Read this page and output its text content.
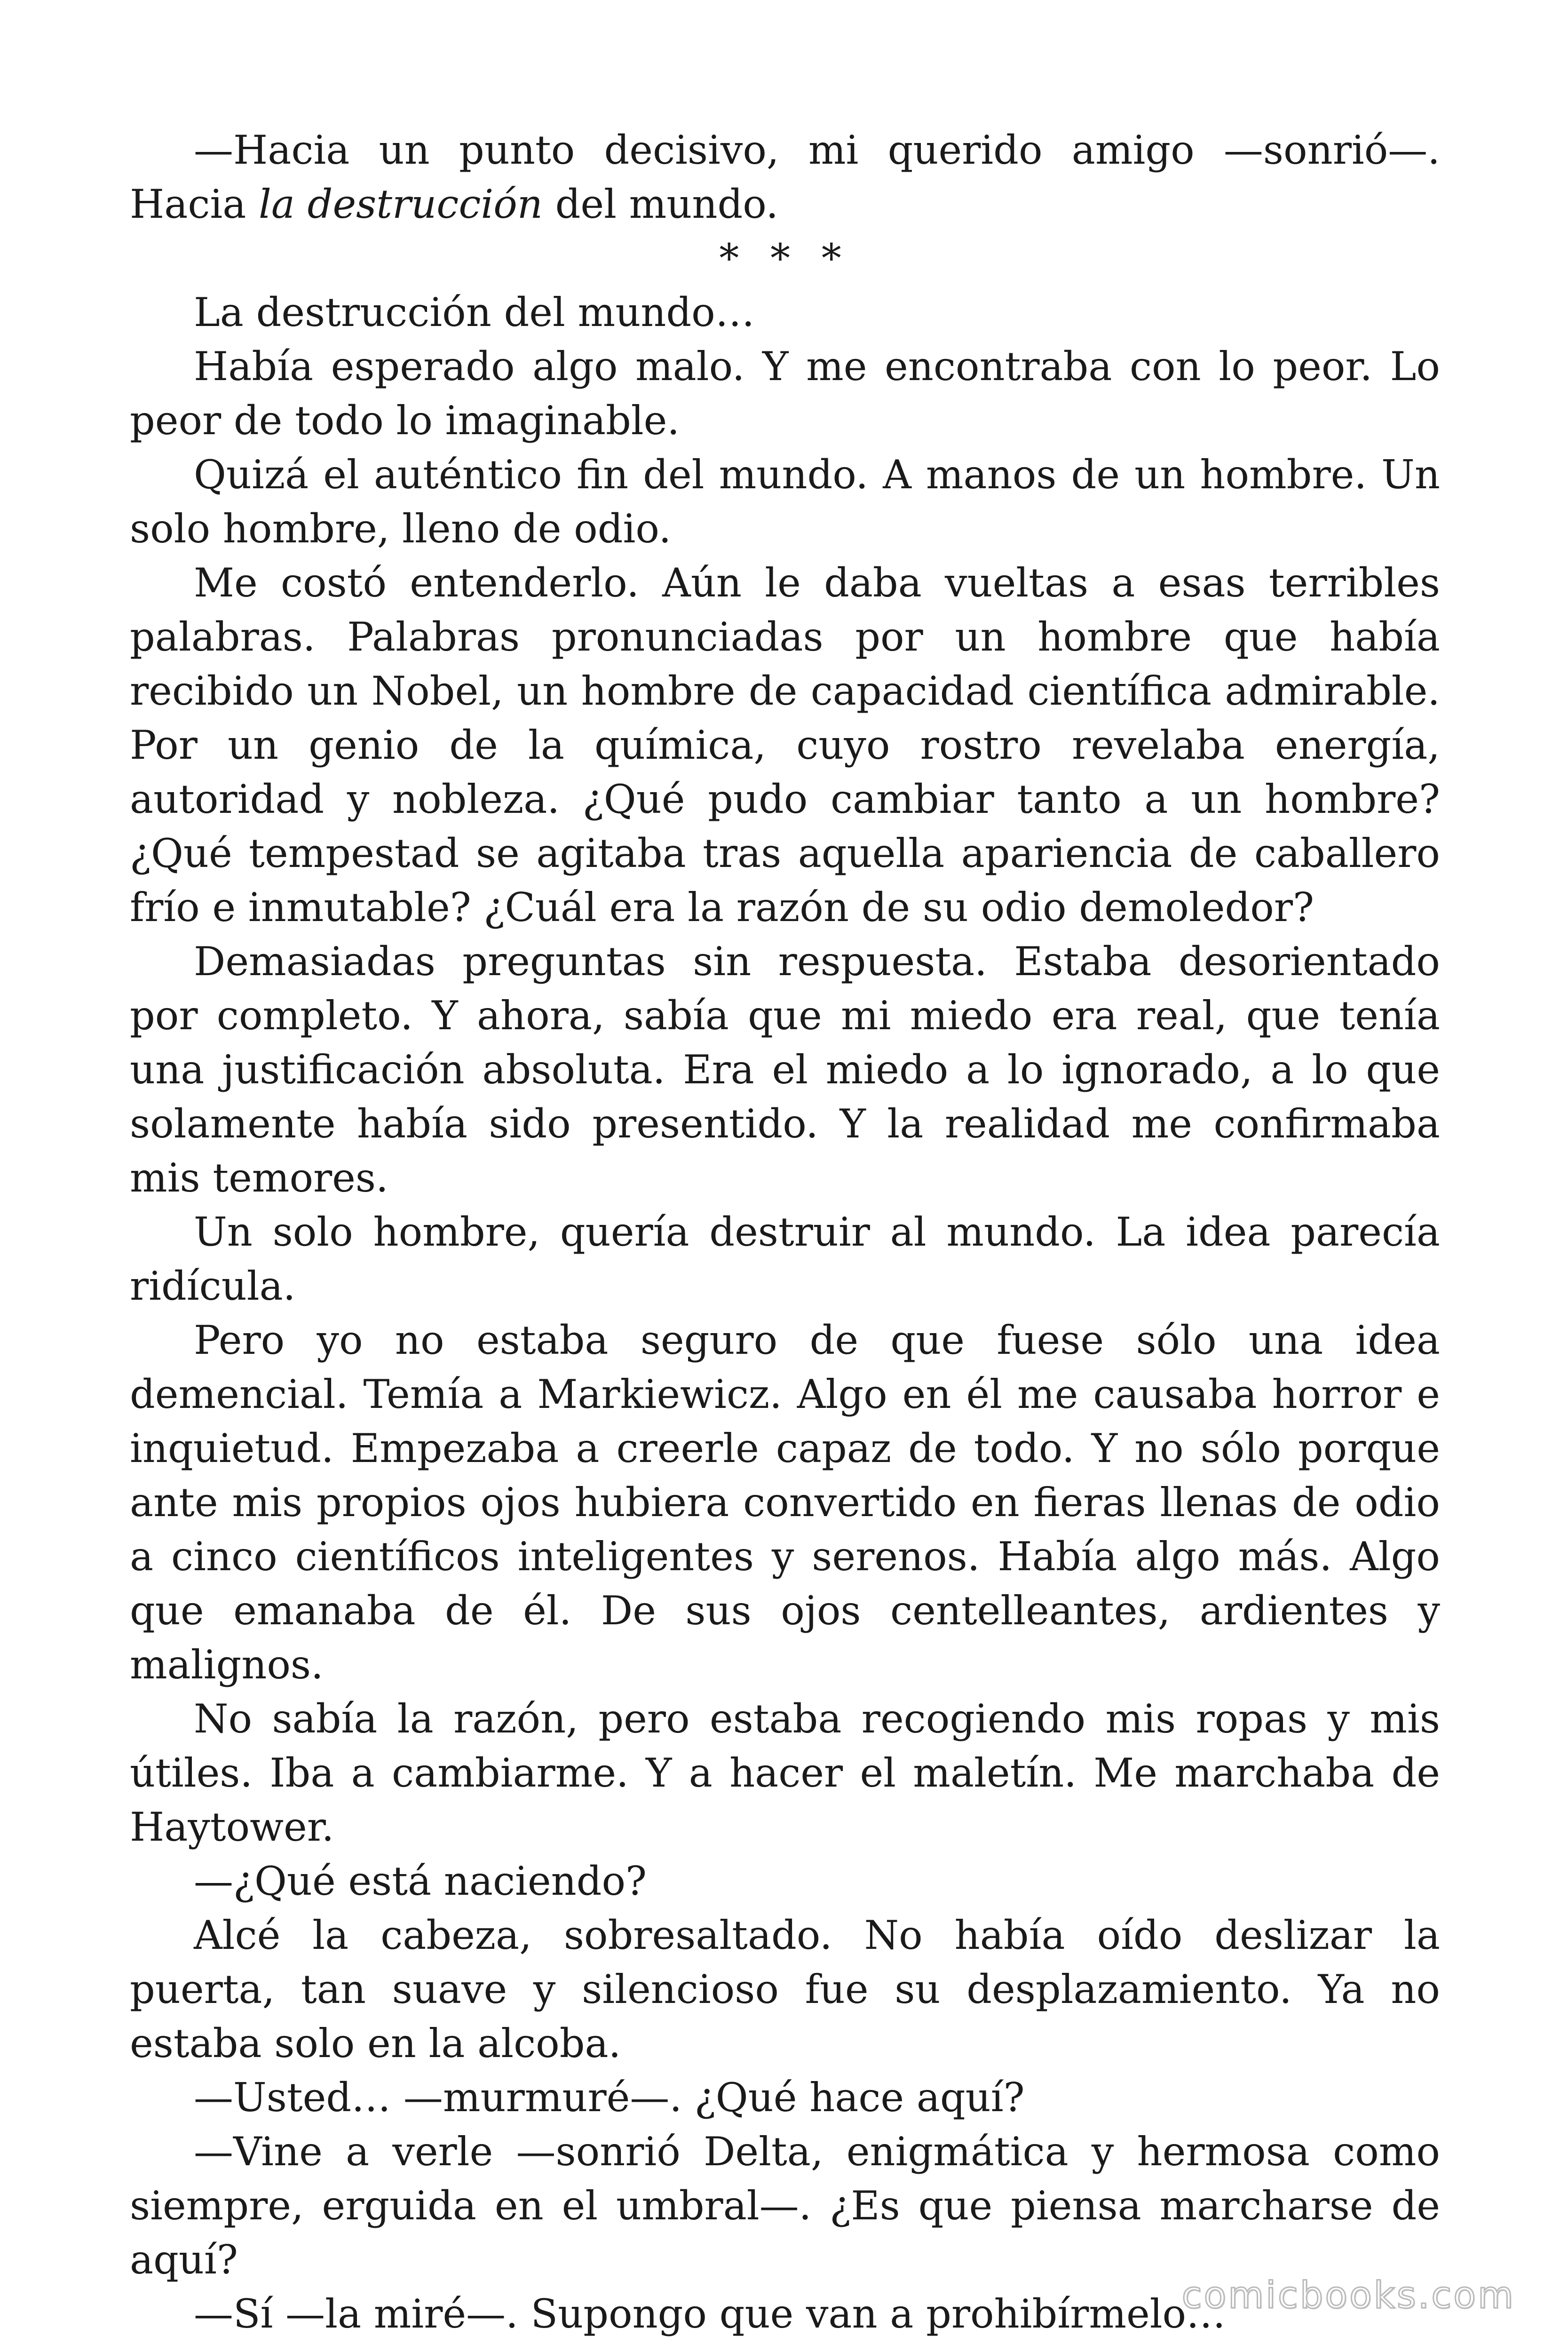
—Hacia un punto decisivo, mi querido amigo —sonrió—. Hacia la destrucción del mundo.

* * *

La destrucción del mundo…

Había esperado algo malo. Y me encontraba con lo peor. Lo peor de todo lo imaginable.

Quizá el auténtico fin del mundo. A manos de un hombre. Un solo hombre, lleno de odio.

Me costó entenderlo. Aún le daba vueltas a esas terribles palabras. Palabras pronunciadas por un hombre que había recibido un Nobel, un hombre de capacidad científica admirable. Por un genio de la química, cuyo rostro revelaba energía, autoridad y nobleza. ¿Qué pudo cambiar tanto a un hombre? ¿Qué tempestad se agitaba tras aquella apariencia de caballero frío e inmutable? ¿Cuál era la razón de su odio demoledor?

Demasiadas preguntas sin respuesta. Estaba desorientado por completo. Y ahora, sabía que mi miedo era real, que tenía una justificación absoluta. Era el miedo a lo ignorado, a lo que solamente había sido presentido. Y la realidad me confirmaba mis temores.

Un solo hombre, quería destruir al mundo. La idea parecía ridícula.

Pero yo no estaba seguro de que fuese sólo una idea demencial. Temía a Markiewicz. Algo en él me causaba horror e inquietud. Empezaba a creerle capaz de todo. Y no sólo porque ante mis propios ojos hubiera convertido en fieras llenas de odio a cinco científicos inteligentes y serenos. Había algo más. Algo que emanaba de él. De sus ojos centelleantes, ardientes y malignos.

No sabía la razón, pero estaba recogiendo mis ropas y mis útiles. Iba a cambiarme. Y a hacer el maletín. Me marchaba de Haytower.

—¿Qué está naciendo?

Alcé la cabeza, sobresaltado. No había oído deslizar la puerta, tan suave y silencioso fue su desplazamiento. Ya no estaba solo en la alcoba.

—Usted… —murmuré—. ¿Qué hace aquí?

—Vine a verle —sonrió Delta, enigmática y hermosa como siempre, erguida en el umbral—. ¿Es que piensa marcharse de aquí?

—Sí —la miré—. Supongo que van a prohibírmelo…

comicbooks.com
